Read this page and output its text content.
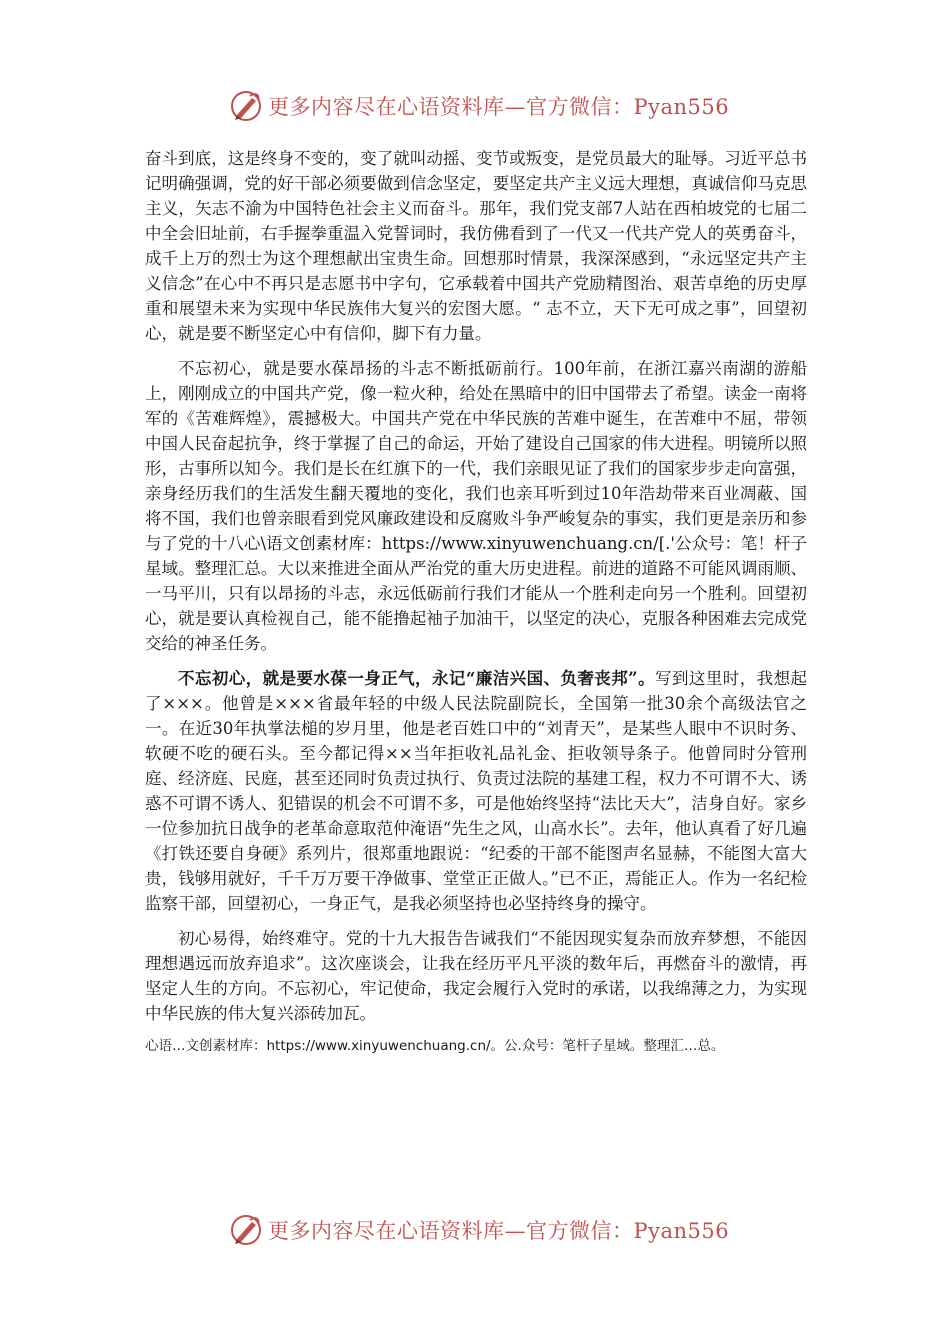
更多内容尽在心语资料库—官方微信：Pyan556

奋斗到底，这是终身不变的，变了就叫动摇、变节或叛变，是党员最大的耻辱。习近平总书记明确强调，党的好干部必须要做到信念坚定，要坚定共产主义远大理想，真诚信仰马克思主义，矢志不渝为中国特色社会主义而奋斗。那年，我们党支部7人站在西柏坡党的七届二中全会旧址前，右手握拳重温入党誓词时，我仿佛看到了一代又一代共产党人的英勇奋斗，成千上万的烈士为这个理想献出宝贵生命。回想那时情景，我深深感到，“永远坚定共产主义信念”在心中不再只是志愿书中字句，它承载着中国共产党励精图治、艰苦卓绝的历史厚重和展望未来为实现中华民族伟大复兴的宏图大愿。“ 志不立，天下无可成之事”，回望初心，就是要不断坚定心中有信仰，脚下有力量。

不忘初心，就是要水葆昂扬的斗志不断抵砺前行。100年前，在浙江嘉兴南湖的游船上，刚刚成立的中国共产党，像一粒火种，给处在黑暗中的旧中国带去了希望。读金一南将军的《苦难辉煌》，震撼极大。中国共产党在中华民族的苦难中诞生，在苦难中不屈，带领中国人民奋起抗争，终于掌握了自己的命运，开始了建设自己国家的伟大进程。明镜所以照形，古事所以知今。我们是长在红旗下的一代，我们亲眼见证了我们的国家步步走向富强，亲身经历我们的生活发生翻天覆地的变化，我们也亲耳听到过10年浩劫带来百业凋蔽、国将不国，我们也曾亲眼看到党风廉政建设和反腐败斗争严峻复杂的事实，我们更是亲历和参与了党的十八心\语文创素材库：https://www.xinyuwenchuang.cn/[.'公众号：笔！杆子星域。整理汇总。大以来推进全面从严治党的重大历史进程。前进的道路不可能风调雨顺、一马平川，只有以昂扬的斗志，永远低砺前行我们才能从一个胜利走向另一个胜利。回望初心，就是要认真检视自己，能不能撸起袖子加油干，以坚定的决心，克服各种困难去完成党交给的神圣任务。

不忘初心，就是要水葆一身正气，永记“廉洁兴国、负奢丧邦”。写到这里时，我想起了×××。他曾是×××省最年轻的中级人民法院副院长，全国第一批30余个高级法官之一。在近30年执掌法槌的岁月里，他是老百姓口中的“刘青天”，是某些人眼中不识时务、软硬不吃的硬石头。至今都记得××当年拒收礼品礼金、拒收领导条子。他曾同时分管刑庭、经济庭、民庭，甚至还同时负责过执行、负责过法院的基建工程，权力不可谓不大、诱惑不可谓不诱人、犯错误的机会不可谓不多，可是他始终坚持“法比天大”，洁身自好。家乡一位参加抗日战争的老革命意取范仲淹语“先生之风，山高水长”。去年，他认真看了好几遍《打铁还要自身硬》系列片，很郑重地跟说：“纪委的干部不能图声名显赫，不能图大富大贵，钱够用就好，千千万万要干净做事、堂堂正正做人。”已不正，焉能正人。作为一名纪检监察干部，回望初心，一身正气，是我必须坚持也必坚持终身的操守。

初心易得，始终难守。党的十九大报告告诫我们“不能因现实复杂而放弃梦想，不能因理想遇远而放弃追求”。这次座谈会，让我在经历平凡平淡的数年后，再燃奋斗的激情，再坚定人生的方向。不忘初心，牢记使命，我定会履行入党时的承诺，以我绵薄之力，为实现中华民族的伟大复兴添砖加瓦。

心语…文创素材库：https://www.xinyuwenchuang.cn/。公.众号：笔杆子星域。整理汇…总。
更多内容尽在心语资料库—官方微信：Pyan556
